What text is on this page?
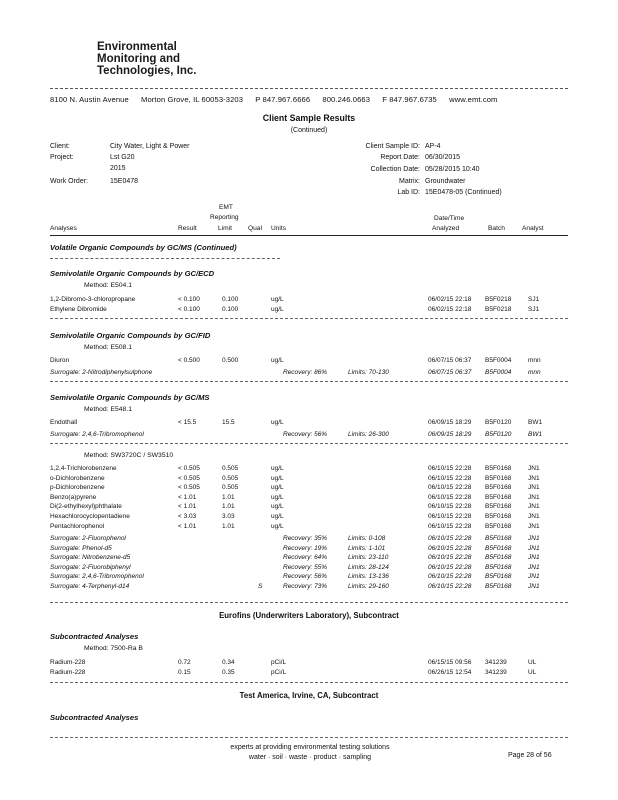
Environmental
Monitoring and
Technologies, Inc.
8100 N. Austin Avenue Morton Grove, IL 60053-3203 P 847.967.6666 800.246.0663 F 847.967.6735 www.emt.com
Client Sample Results
(Continued)
Client:	City Water, Light & Power
Project:	Lst G20
2015
Work Order:	15E0478
Client Sample ID: AP-4
Report Date: 06/30/2015
Collection Date: 05/28/2015 10:40
Matrix: Groundwater
Lab ID: 15E0478-05 (Continued)
EMT
Reporting	Date/Time
Analyses	Result	Limit Qual Units	Analyzed	Batch	Analyst
Volatile Organic Compounds by GC/MS (Continued)
Semivolatile Organic Compounds by GC/ECD
Method: E504.1
1,2-Dibromo-3-chloropropane	< 0.100	0.100	ug/L	06/02/15 22:18 B5F0218	SJ1
Ethylene Dibromide	< 0.100	0.100	ug/L	06/02/15 22:18 B5F0218	SJ1
Semivolatile Organic Compounds by GC/FID
Method: E508.1
Diuron	< 0.500	0.500	ug/L	06/07/15 06:37 B5F0004	mnn
Surrogate: 2-Nitrodiphenylsulphone	Recovery: 86%	Limits: 70-130	06/07/15 06:37 B5F0004	mnn
Semivolatile Organic Compounds by GC/MS
Method: E548.1
Endothall	< 15.5	15.5	ug/L	06/09/15 18:29 B5F0120	BW1
Surrogate: 2,4,6-Tribromophenol	Recovery: 56%	Limits: 26-300	06/09/15 18:29 B5F0120	BW1
Method: SW3720C / SW3510
1,2,4-Trichlorobenzene	< 0.505	0.505	ug/L	06/10/15 22:28 B5F0168	JN1
o-Dichlorobenzene	< 0.505	0.505	ug/L	06/10/15 22:28 B5F0168	JN1
p-Dichlorobenzene	< 0.505	0.505	ug/L	06/10/15 22:28 B5F0168	JN1
Benzo(a)pyrene	< 1.01	1.01	ug/L	06/10/15 22:28 B5F0168	JN1
Di(2-ethylhexyl)phthalate	< 1.01	1.01	ug/L	06/10/15 22:28 B5F0168	JN1
Hexachlorocyclopentadiene	< 3.03	3.03	ug/L	06/10/15 22:28 B5F0168	JN1
Pentachlorophenol	< 1.01	1.01	ug/L	06/10/15 22:28 B5F0168	JN1
Surrogate: 2-Fluorophenol	Recovery: 35%	Limits: 0-108	06/10/15 22:28 B5F0168	JN1
Surrogate: Phenol-d5	Recovery: 19%	Limits: 1-101	06/10/15 22:28 B5F0168	JN1
Surrogate: Nitrobenzene-d5	Recovery: 64%	Limits: 23-110	06/10/15 22:28 B5F0168	JN1
Surrogate: 2-Fluorobiphenyl	Recovery: 55%	Limits: 28-124	06/10/15 22:28 B5F0168	JN1
Surrogate: 2,4,6-Tribromophenol	Recovery: 56%	Limits: 13-136	06/10/15 22:28 B5F0168	JN1
Surrogate: 4-Terphenyl-d14	S	Recovery: 73%	Limits: 29-160	06/10/15 22:28 B5F0168	JN1
Eurofins (Underwriters Laboratory), Subcontract
Subcontracted Analyses
Method: 7500-Ra B
Radium-228	0.72	0.34	pCi/L	06/15/15 09:56 341239	UL
Radium-228	0.15	0.35	pCi/L	06/26/15 12:54 341239	UL
Test America, Irvine, CA, Subcontract
Subcontracted Analyses
experts at providing environmental testing solutions
water · soil · waste · product · sampling	Page 28 of 56
